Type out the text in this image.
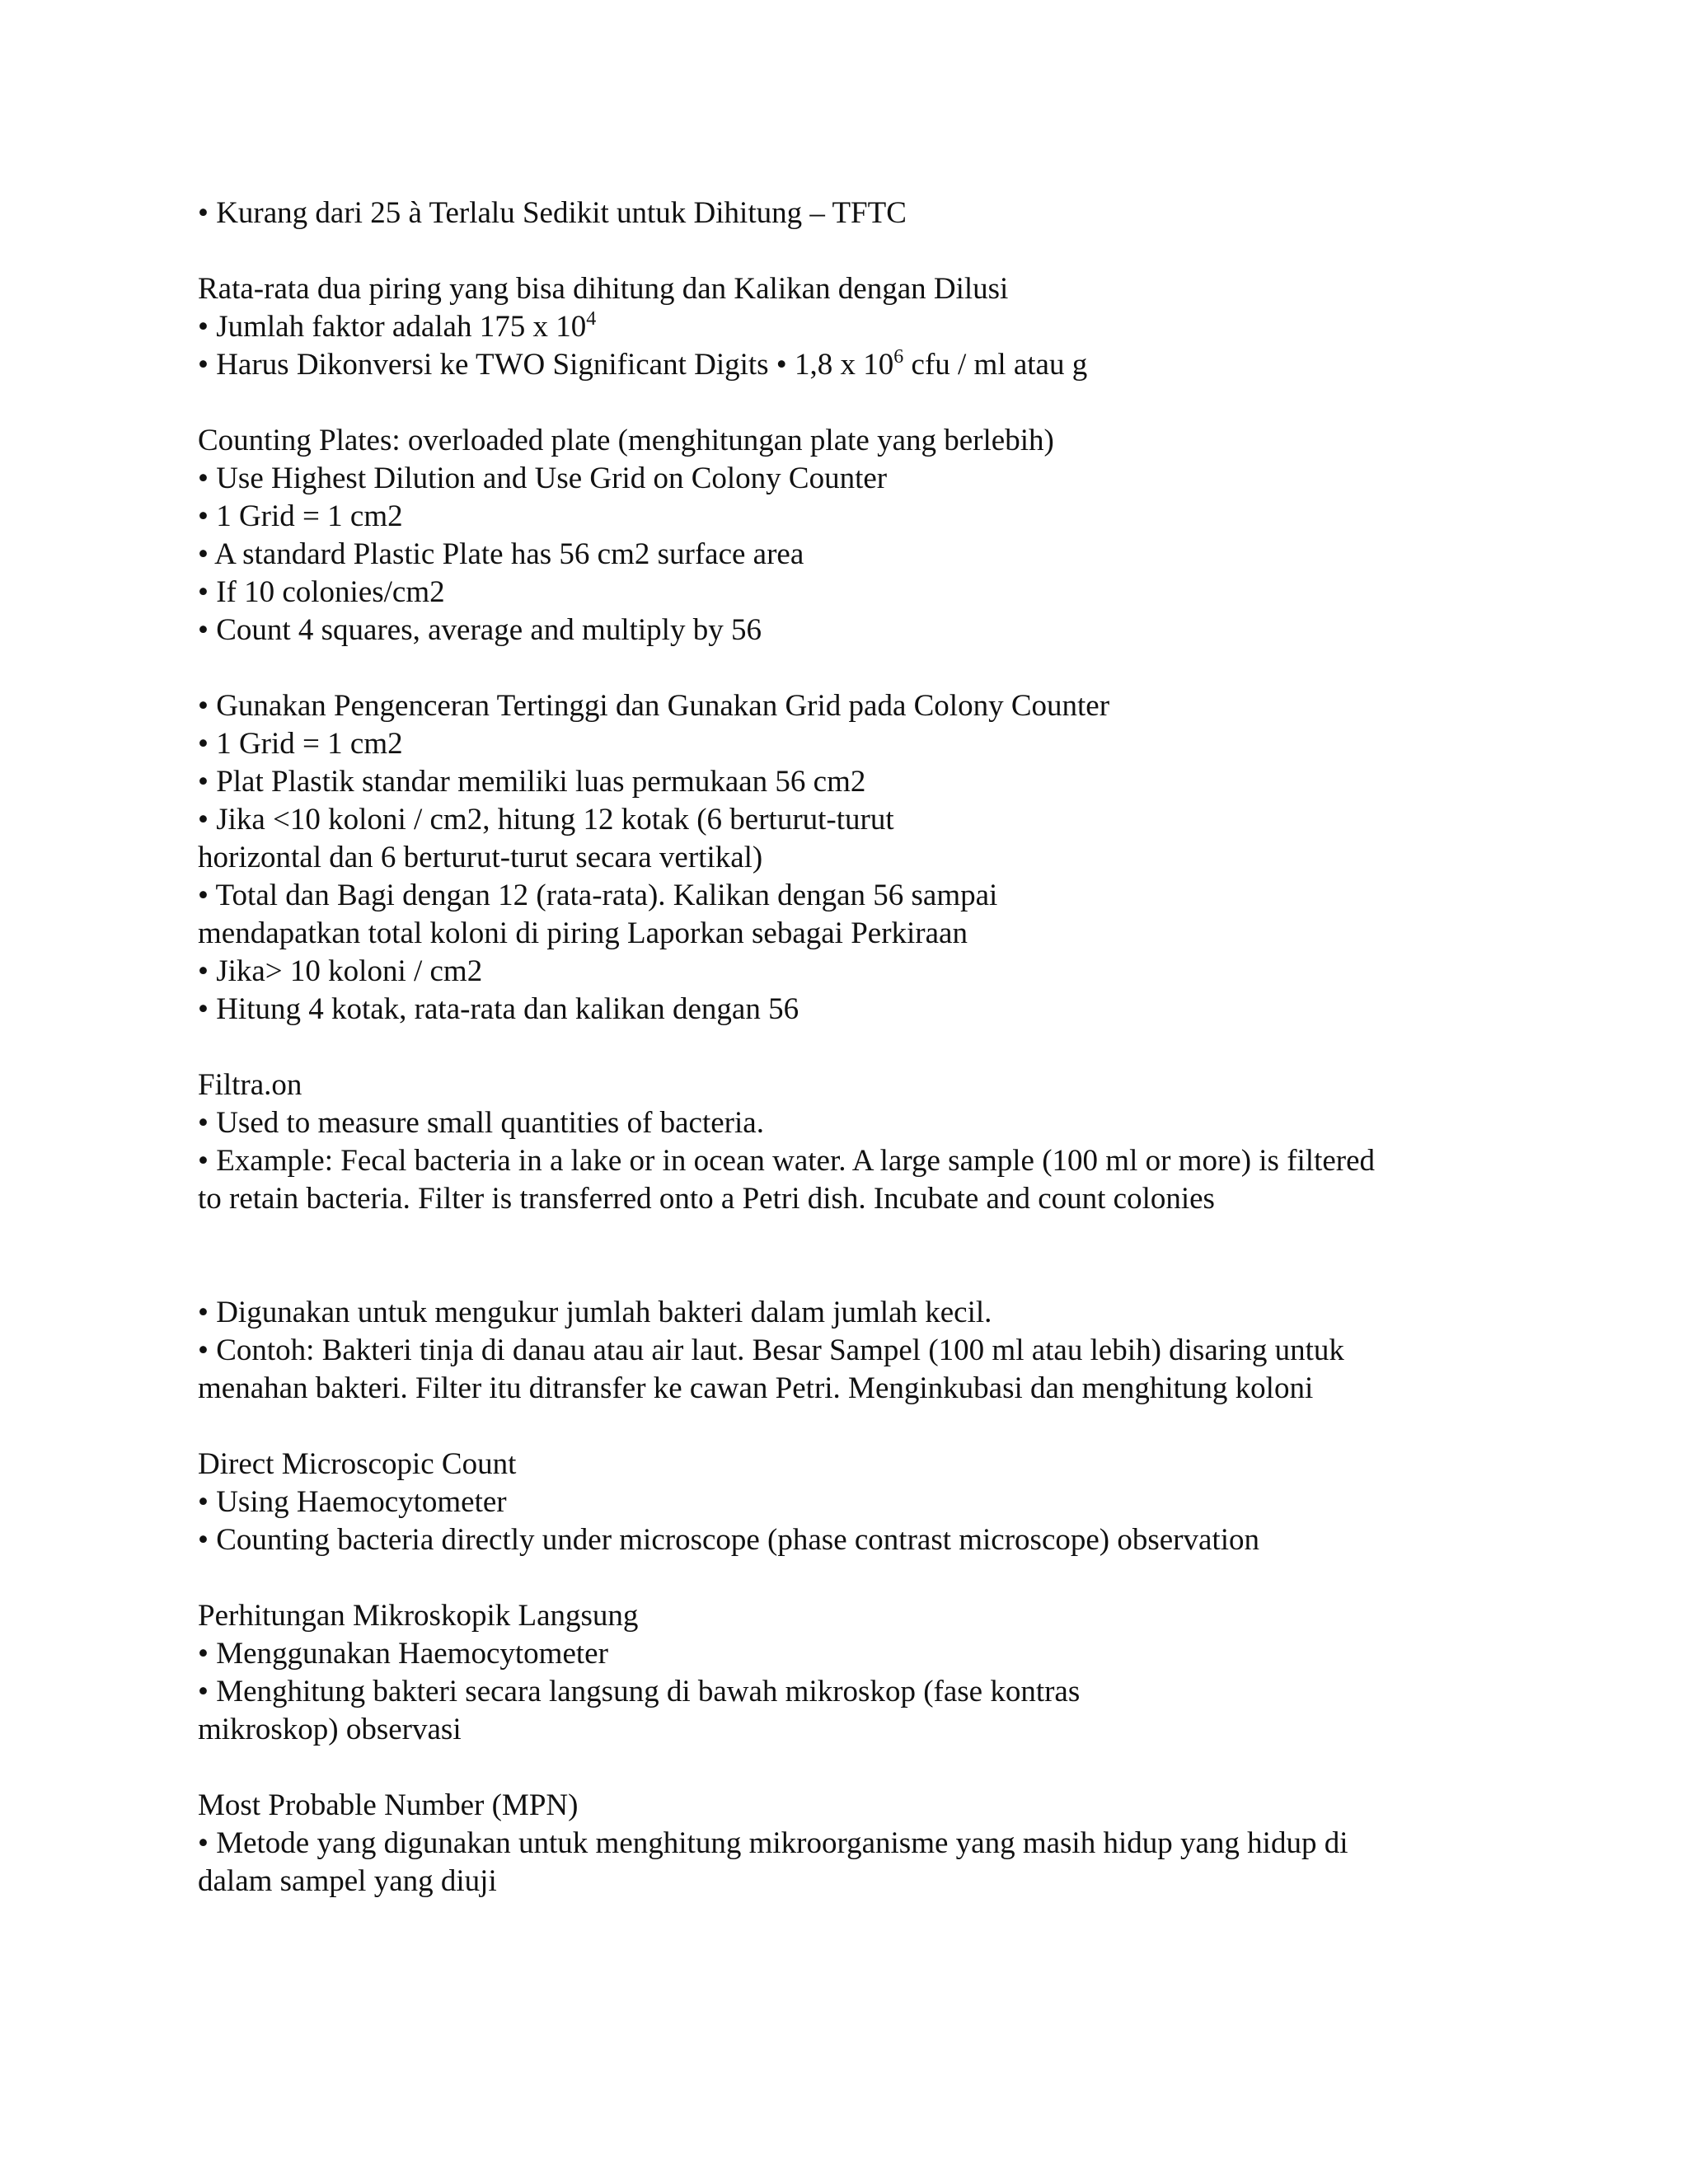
• Kurang dari 25 à Terlalu Sedikit untuk Dihitung – TFTC
Rata-rata dua piring yang bisa dihitung dan Kalikan dengan Dilusi
• Jumlah faktor adalah 175 x $10^4$
• Harus Dikonversi ke TWO Significant Digits • 1,8 x $10^6$ cfu / ml atau g
Counting Plates: overloaded plate (menghitungan plate yang berlebih)
• Use Highest Dilution and Use Grid on Colony Counter
• 1 Grid = 1 cm2
• A standard Plastic Plate has 56 cm2 surface area
• If 10 colonies/cm2
• Count 4 squares, average and multiply by 56
• Gunakan Pengenceran Tertinggi dan Gunakan Grid pada Colony Counter
• 1 Grid = 1 cm2
• Plat Plastik standar memiliki luas permukaan 56 cm2
• Jika <10 koloni / cm2, hitung 12 kotak (6 berturut-turut
horizontal dan 6 berturut-turut secara vertikal)
• Total dan Bagi dengan 12 (rata-rata). Kalikan dengan 56 sampai
mendapatkan total koloni di piring Laporkan sebagai Perkiraan
• Jika> 10 koloni / cm2
• Hitung 4 kotak, rata-rata dan kalikan dengan 56
Filtra.on
• Used to measure small quantities of bacteria.
• Example: Fecal bacteria in a lake or in ocean water. A large sample (100 ml or more) is filtered
to retain bacteria. Filter is transferred onto a Petri dish. Incubate and count colonies
• Digunakan untuk mengukur jumlah bakteri dalam jumlah kecil.
• Contoh: Bakteri tinja di danau atau air laut. Besar Sampel (100 ml atau lebih) disaring untuk
menahan bakteri. Filter itu ditransfer ke cawan Petri. Menginkubasi dan menghitung koloni
Direct Microscopic Count
• Using Haemocytometer
• Counting bacteria directly under microscope (phase contrast microscope) observation
Perhitungan Mikroskopik Langsung
• Menggunakan Haemocytometer
• Menghitung bakteri secara langsung di bawah mikroskop (fase kontras
mikroskop) observasi
Most Probable Number (MPN)
• Metode yang digunakan untuk menghitung mikroorganisme yang masih hidup yang hidup di
dalam sampel yang diuji
